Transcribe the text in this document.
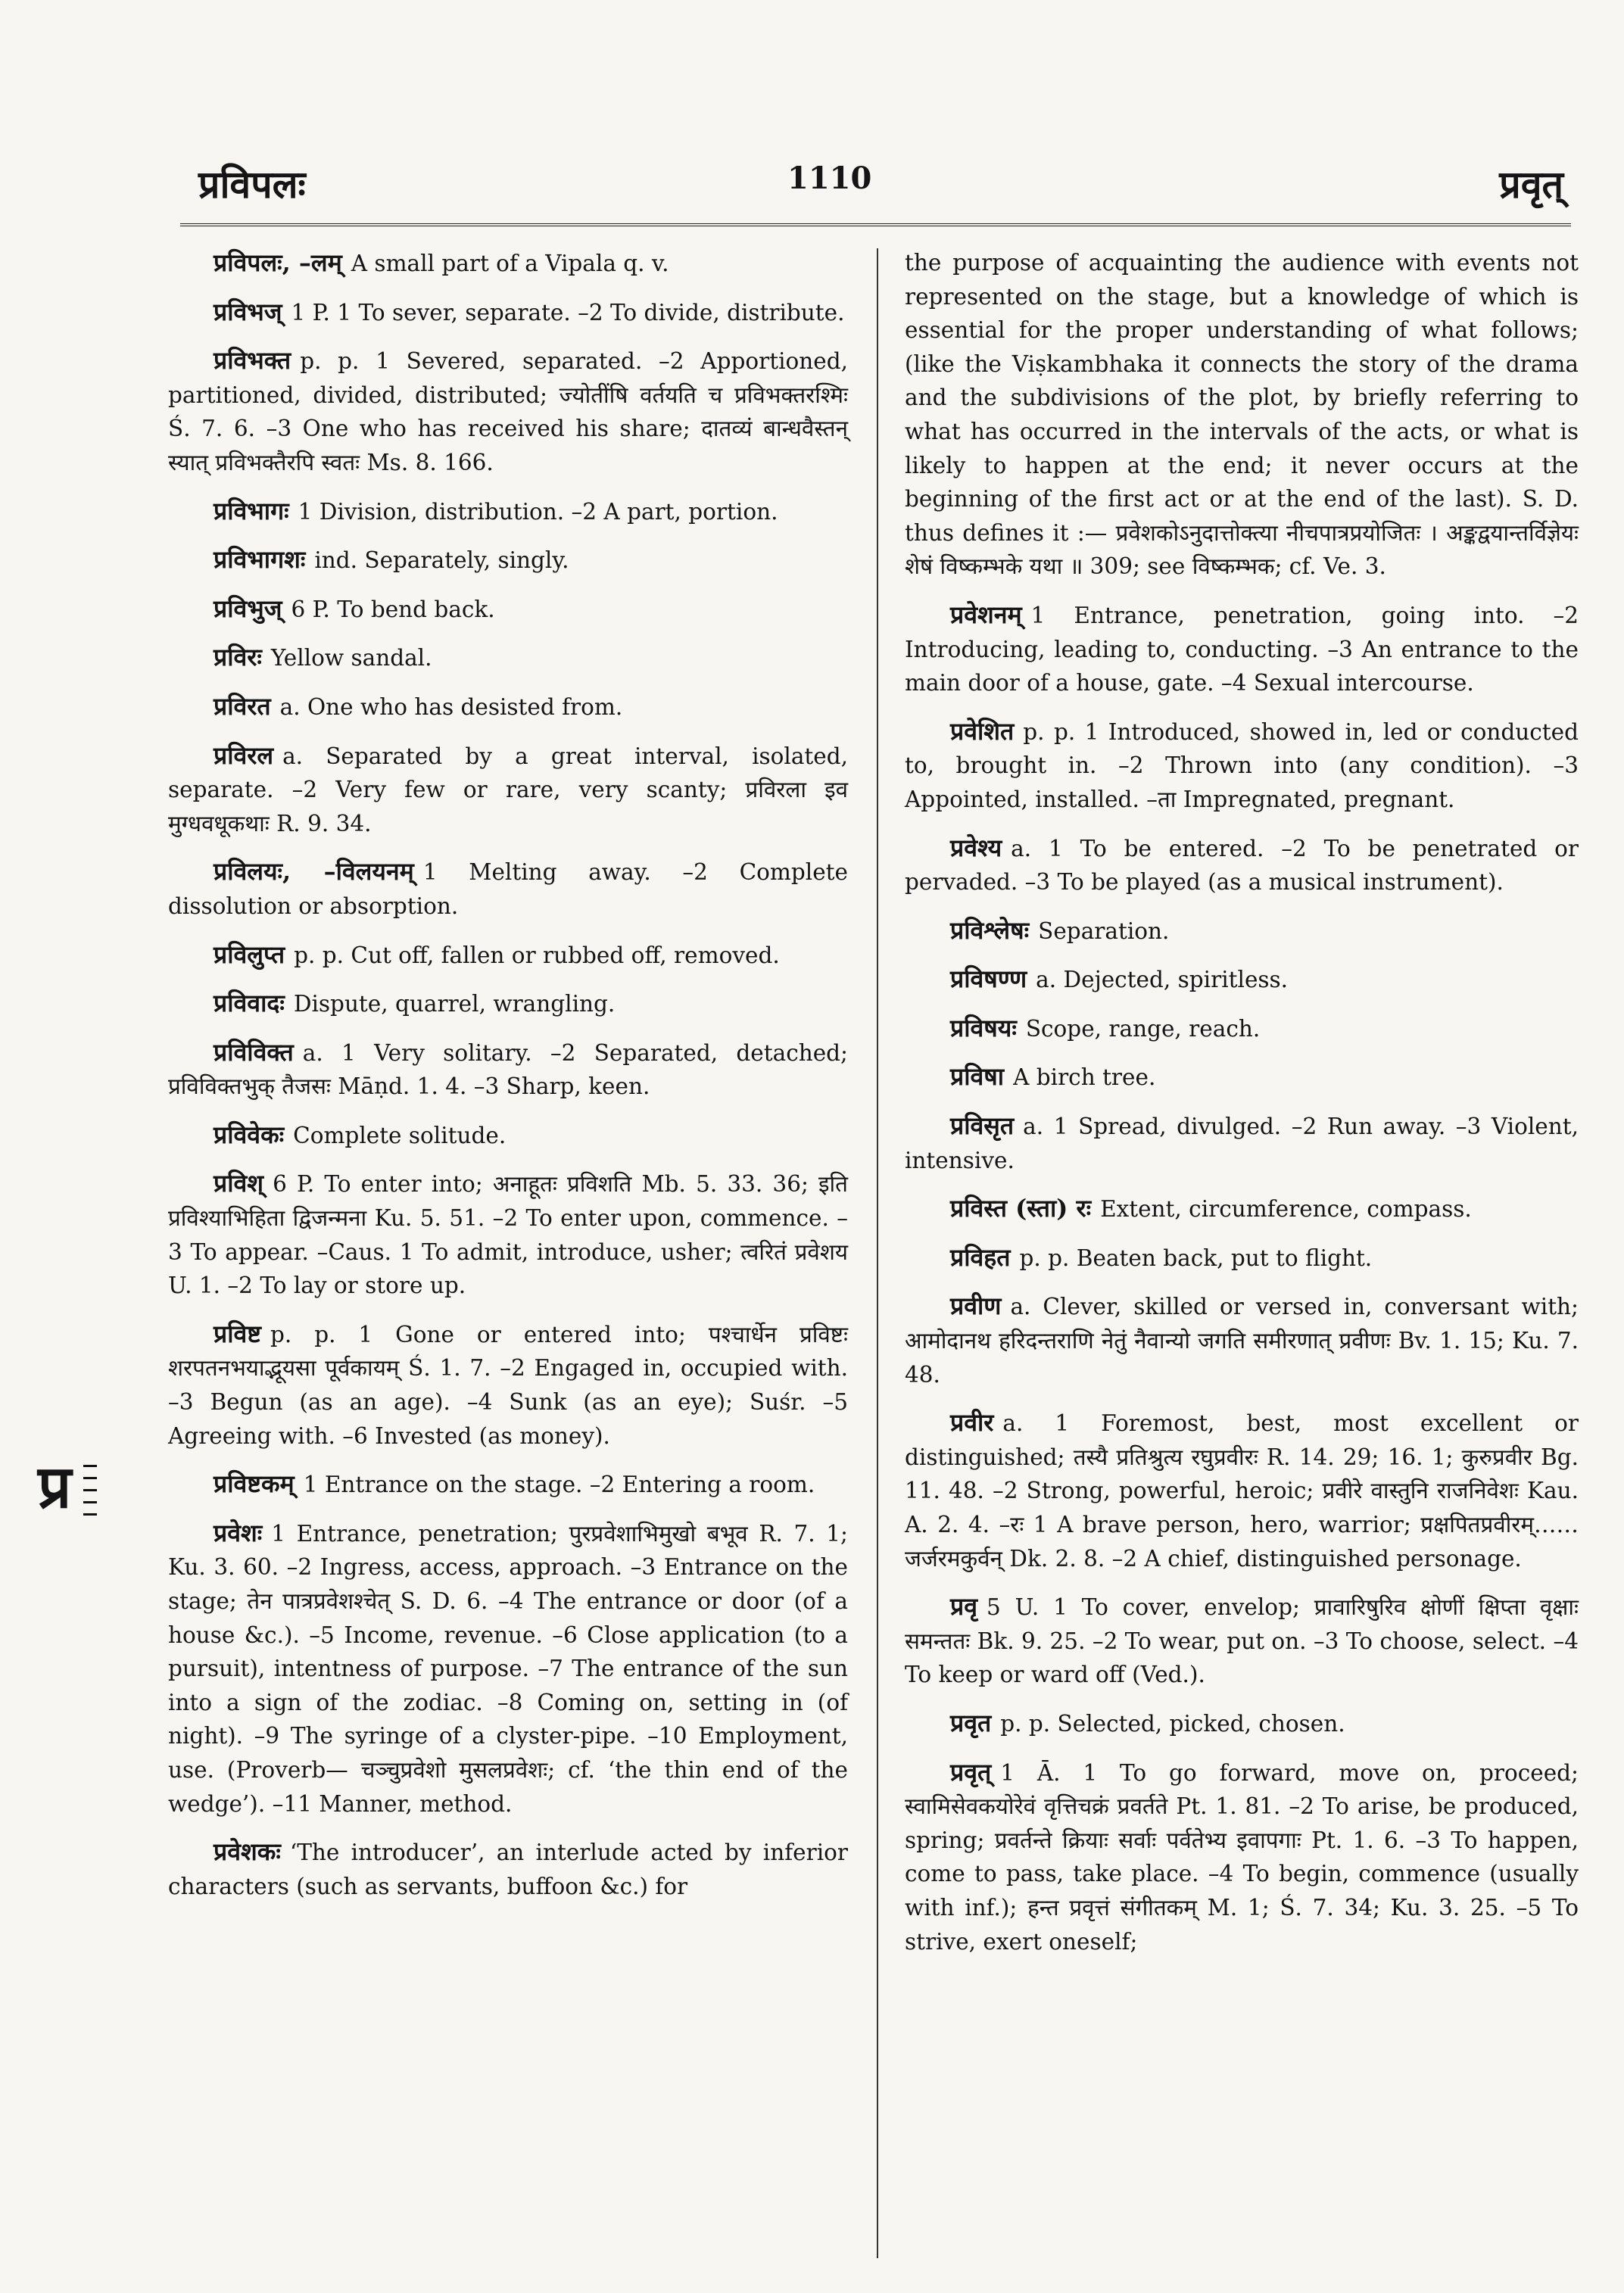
प्रविपलः	1110	प्रवृत्
प्र

प्रविपलः, –लम् A small part of a Vipala q. v.

प्रविभज् 1 P. 1 To sever, separate. –2 To divide, distribute.

प्रविभक्त p. p. 1 Severed, separated. –2 Apportioned, partitioned, divided, distributed; ज्योतींषि वर्तयति च प्रविभक्तरश्मिः Ś. 7. 6. –3 One who has received his share; दातव्यं बान्धवैस्तन् स्यात् प्रविभक्तैरपि स्वतः Ms. 8. 166.

प्रविभागः 1 Division, distribution. –2 A part, portion.

प्रविभागशः ind. Separately, singly.

प्रविभुज् 6 P. To bend back.

प्रविरः Yellow sandal.

प्रविरत a. One who has desisted from.

प्रविरल a. Separated by a great interval, isolated, separate. –2 Very few or rare, very scanty; प्रविरला इव मुग्धवधूकथाः R. 9. 34.

प्रविलयः, –विलयनम् 1 Melting away. –2 Complete dissolution or absorption.

प्रविलुप्त p. p. Cut off, fallen or rubbed off, removed.

प्रविवादः Dispute, quarrel, wrangling.

प्रविविक्त a. 1 Very solitary. –2 Separated, detached; प्रविविक्तभुक् तैजसः Māṇd. 1. 4. –3 Sharp, keen.

प्रविवेकः Complete solitude.

प्रविश् 6 P. To enter into; अनाहूतः प्रविशति Mb. 5. 33. 36; इति प्रविश्याभिहिता द्विजन्मना Ku. 5. 51. –2 To enter upon, commence. –3 To appear. –Caus. 1 To admit, introduce, usher; त्वरितं प्रवेशय U. 1. –2 To lay or store up.

प्रविष्ट p. p. 1 Gone or entered into; पश्चार्धेन प्रविष्टः शरपतनभयाद्भूयसा पूर्वकायम् Ś. 1. 7. –2 Engaged in, occupied with. –3 Begun (as an age). –4 Sunk (as an eye); Suśr. –5 Agreeing with. –6 Invested (as money).

प्रविष्टकम् 1 Entrance on the stage. –2 Entering a room.

प्रवेशः 1 Entrance, penetration; पुरप्रवेशाभिमुखो बभूव R. 7. 1; Ku. 3. 60. –2 Ingress, access, approach. –3 Entrance on the stage; तेन पात्रप्रवेशश्चेत् S. D. 6. –4 The entrance or door (of a house &c.). –5 Income, revenue. –6 Close application (to a pursuit), intentness of purpose. –7 The entrance of the sun into a sign of the zodiac. –8 Coming on, setting in (of night). –9 The syringe of a clyster-pipe. –10 Employment, use. (Proverb— चञ्चुप्रवेशो मुसलप्रवेशः; cf. ‘the thin end of the wedge’). –11 Manner, method.

प्रवेशकः ‘The introducer’, an interlude acted by inferior characters (such as servants, buffoon &c.) for

the purpose of acquainting the audience with events not represented on the stage, but a knowledge of which is essential for the proper understanding of what follows; (like the Viṣkambhaka it connects the story of the drama and the subdivisions of the plot, by briefly referring to what has occurred in the intervals of the acts, or what is likely to happen at the end; it never occurs at the beginning of the first act or at the end of the last). S. D. thus defines it :— प्रवेशकोऽनुदात्तोक्त्या नीचपात्रप्रयोजितः । अङ्कद्वयान्तर्विज्ञेयः शेषं विष्कम्भके यथा ॥ 309; see विष्कम्भक; cf. Ve. 3.

प्रवेशनम् 1 Entrance, penetration, going into. –2 Introducing, leading to, conducting. –3 An entrance to the main door of a house, gate. –4 Sexual intercourse.

प्रवेशित p. p. 1 Introduced, showed in, led or conducted to, brought in. –2 Thrown into (any condition). –3 Appointed, installed. –ता Impregnated, pregnant.

प्रवेश्य a. 1 To be entered. –2 To be penetrated or pervaded. –3 To be played (as a musical instrument).

प्रविश्लेषः Separation.

प्रविषण्ण a. Dejected, spiritless.

प्रविषयः Scope, range, reach.

प्रविषा A birch tree.

प्रविसृत a. 1 Spread, divulged. –2 Run away. –3 Violent, intensive.

प्रविस्त (स्ता) रः Extent, circumference, compass.

प्रविहत p. p. Beaten back, put to flight.

प्रवीण a. Clever, skilled or versed in, conversant with; आमोदानथ हरिदन्तराणि नेतुं नैवान्यो जगति समीरणात् प्रवीणः Bv. 1. 15; Ku. 7. 48.

प्रवीर a. 1 Foremost, best, most excellent or distinguished; तस्यै प्रतिश्रुत्य रघुप्रवीरः R. 14. 29; 16. 1; कुरुप्रवीर Bg. 11. 48. –2 Strong, powerful, heroic; प्रवीरे वास्तुनि राजनिवेशः Kau. A. 2. 4. –रः 1 A brave person, hero, warrior; प्रक्षपितप्रवीरम्……जर्जरमकुर्वन् Dk. 2. 8. –2 A chief, distinguished personage.

प्रवृ 5 U. 1 To cover, envelop; प्रावारिषुरिव क्षोणीं क्षिप्ता वृक्षाः समन्ततः Bk. 9. 25. –2 To wear, put on. –3 To choose, select. –4 To keep or ward off (Ved.).

प्रवृत p. p. Selected, picked, chosen.

प्रवृत् 1 Ā. 1 To go forward, move on, proceed; स्वामिसेवकयोरेवं वृत्तिचक्रं प्रवर्तते Pt. 1. 81. –2 To arise, be produced, spring; प्रवर्तन्ते क्रियाः सर्वाः पर्वतेभ्य इवापगाः Pt. 1. 6. –3 To happen, come to pass, take place. –4 To begin, commence (usually with inf.); हन्त प्रवृत्तं संगीतकम् M. 1; Ś. 7. 34; Ku. 3. 25. –5 To strive, exert oneself;
